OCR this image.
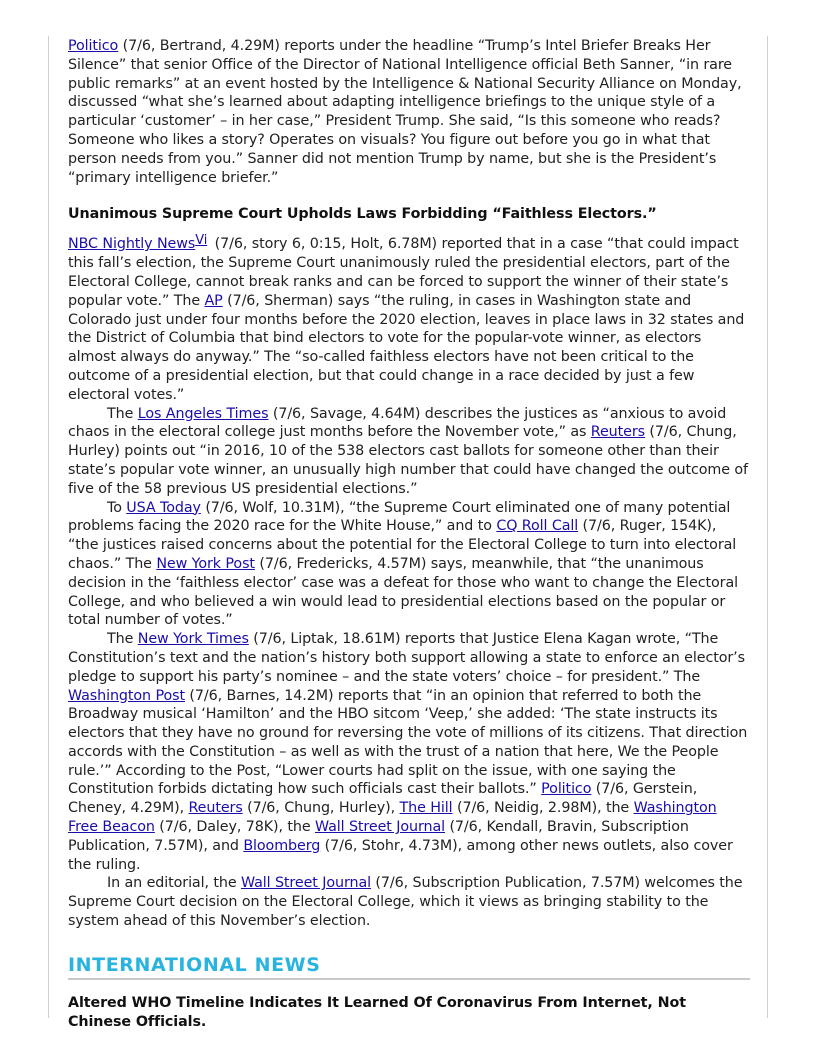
Politico (7/6, Bertrand, 4.29M) reports under the headline “Trump’s Intel Briefer Breaks Her Silence” that senior Office of the Director of National Intelligence official Beth Sanner, “in rare public remarks” at an event hosted by the Intelligence & National Security Alliance on Monday, discussed “what she’s learned about adapting intelligence briefings to the unique style of a particular ‘customer’ – in her case,” President Trump. She said, “Is this someone who reads? Someone who likes a story? Operates on visuals? You figure out before you go in what that person needs from you.” Sanner did not mention Trump by name, but she is the President’s “primary intelligence briefer.”

Unanimous Supreme Court Upholds Laws Forbidding “Faithless Electors.”

NBC Nightly NewsVi (7/6, story 6, 0:15, Holt, 6.78M) reported that in a case “that could impact this fall’s election, the Supreme Court unanimously ruled the presidential electors, part of the Electoral College, cannot break ranks and can be forced to support the winner of their state’s popular vote.” The AP (7/6, Sherman) says “the ruling, in cases in Washington state and Colorado just under four months before the 2020 election, leaves in place laws in 32 states and the District of Columbia that bind electors to vote for the popular-vote winner, as electors almost always do anyway.” The “so-called faithless electors have not been critical to the outcome of a presidential election, but that could change in a race decided by just a few electoral votes.”

The Los Angeles Times (7/6, Savage, 4.64M) describes the justices as “anxious to avoid chaos in the electoral college just months before the November vote,” as Reuters (7/6, Chung, Hurley) points out “in 2016, 10 of the 538 electors cast ballots for someone other than their state’s popular vote winner, an unusually high number that could have changed the outcome of five of the 58 previous US presidential elections.”

To USA Today (7/6, Wolf, 10.31M), “the Supreme Court eliminated one of many potential problems facing the 2020 race for the White House,” and to CQ Roll Call (7/6, Ruger, 154K), “the justices raised concerns about the potential for the Electoral College to turn into electoral chaos.” The New York Post (7/6, Fredericks, 4.57M) says, meanwhile, that “the unanimous decision in the ‘faithless elector’ case was a defeat for those who want to change the Electoral College, and who believed a win would lead to presidential elections based on the popular or total number of votes.”

The New York Times (7/6, Liptak, 18.61M) reports that Justice Elena Kagan wrote, “The Constitution’s text and the nation’s history both support allowing a state to enforce an elector’s pledge to support his party’s nominee – and the state voters’ choice – for president.” The Washington Post (7/6, Barnes, 14.2M) reports that “in an opinion that referred to both the Broadway musical ‘Hamilton’ and the HBO sitcom ‘Veep,’ she added: ‘The state instructs its electors that they have no ground for reversing the vote of millions of its citizens. That direction accords with the Constitution – as well as with the trust of a nation that here, We the People rule.’” According to the Post, “Lower courts had split on the issue, with one saying the Constitution forbids dictating how such officials cast their ballots.” Politico (7/6, Gerstein, Cheney, 4.29M), Reuters (7/6, Chung, Hurley), The Hill (7/6, Neidig, 2.98M), the Washington Free Beacon (7/6, Daley, 78K), the Wall Street Journal (7/6, Kendall, Bravin, Subscription Publication, 7.57M), and Bloomberg (7/6, Stohr, 4.73M), among other news outlets, also cover the ruling.

In an editorial, the Wall Street Journal (7/6, Subscription Publication, 7.57M) welcomes the Supreme Court decision on the Electoral College, which it views as bringing stability to the system ahead of this November’s election.

INTERNATIONAL NEWS

Altered WHO Timeline Indicates It Learned Of Coronavirus From Internet, Not Chinese Officials.
